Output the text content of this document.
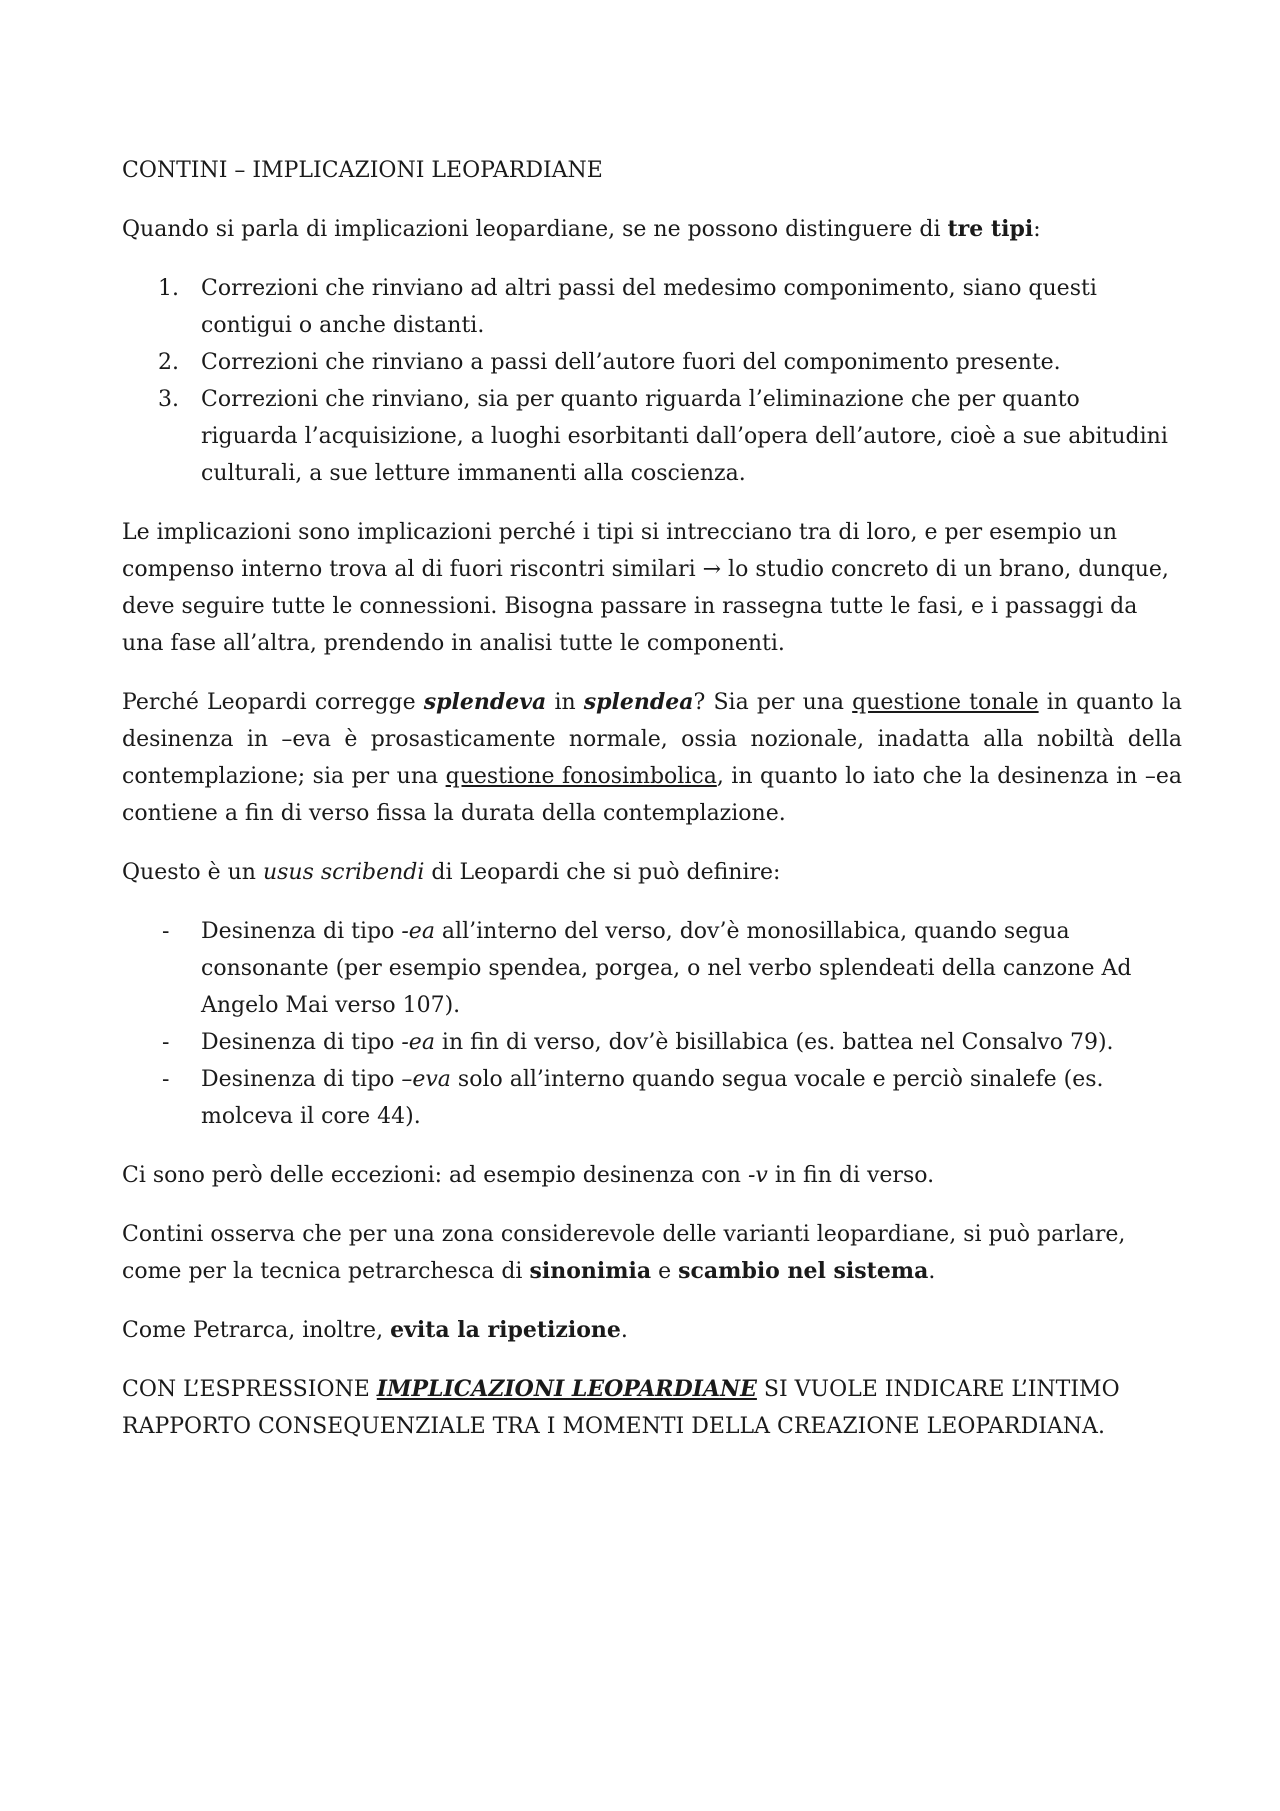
CONTINI – IMPLICAZIONI LEOPARDIANE

Quando si parla di implicazioni leopardiane, se ne possono distinguere di tre tipi:

1. Correzioni che rinviano ad altri passi del medesimo componimento, siano questi contigui o anche distanti.
2. Correzioni che rinviano a passi dell’autore fuori del componimento presente.
3. Correzioni che rinviano, sia per quanto riguarda l’eliminazione che per quanto riguarda l’acquisizione, a luoghi esorbitanti dall’opera dell’autore, cioè a sue abitudini culturali, a sue letture immanenti alla coscienza.

Le implicazioni sono implicazioni perché i tipi si intrecciano tra di loro, e per esempio un compenso interno trova al di fuori riscontri similari → lo studio concreto di un brano, dunque, deve seguire tutte le connessioni. Bisogna passare in rassegna tutte le fasi, e i passaggi da una fase all’altra, prendendo in analisi tutte le componenti.

Perché Leopardi corregge splendeva in splendea? Sia per una questione tonale in quanto la desinenza in –eva è prosasticamente normale, ossia nozionale, inadatta alla nobiltà della contemplazione; sia per una questione fonosimbolica, in quanto lo iato che la desinenza in –ea contiene a fin di verso fissa la durata della contemplazione.

Questo è un usus scribendi di Leopardi che si può definire:

- Desinenza di tipo -ea all’interno del verso, dov’è monosillabica, quando segua consonante (per esempio spendea, porgea, o nel verbo splendeati della canzone Ad Angelo Mai verso 107).
- Desinenza di tipo -ea in fin di verso, dov’è bisillabica (es. battea nel Consalvo 79).
- Desinenza di tipo –eva solo all’interno quando segua vocale e perciò sinalefe (es. molceva il core 44).

Ci sono però delle eccezioni: ad esempio desinenza con -v in fin di verso.

Contini osserva che per una zona considerevole delle varianti leopardiane, si può parlare, come per la tecnica petrarchesca di sinonimia e scambio nel sistema.

Come Petrarca, inoltre, evita la ripetizione.

CON L’ESPRESSIONE IMPLICAZIONI LEOPARDIANE SI VUOLE INDICARE L’INTIMO RAPPORTO CONSEQUENZIALE TRA I MOMENTI DELLA CREAZIONE LEOPARDIANA.
